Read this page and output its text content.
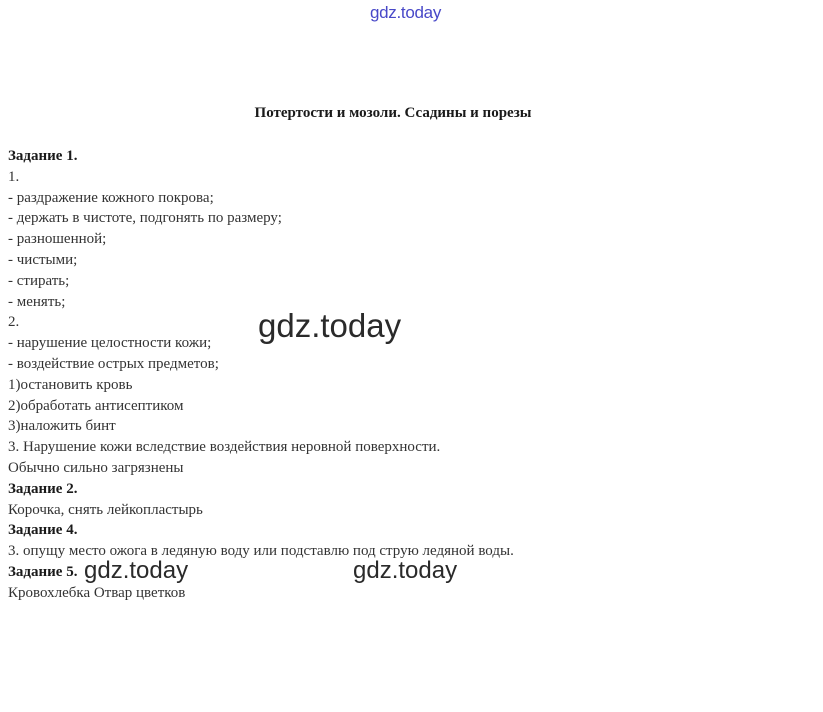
gdz.today
Потертости и мозоли. Ссадины и порезы
Задание 1.
1.
- раздражение кожного покрова;
- держать в чистоте, подгонять по размеру;
- разношенной;
- чистыми;
- стирать;
- менять;
2.
- нарушение целостности кожи;
- воздействие острых предметов;
1)остановить кровь
2)обработать антисептиком
3)наложить бинт
3. Нарушение кожи вследствие воздействия неровной поверхности.
Обычно сильно загрязнены
Задание 2.
Корочка, снять лейкопластырь
Задание 4.
3. опущу место ожога в ледяную воду или подставлю под струю ледяной воды.
Задание 5.
Кровохлебка Отвар цветков
gdz.today
gdz.today	gdz.today
